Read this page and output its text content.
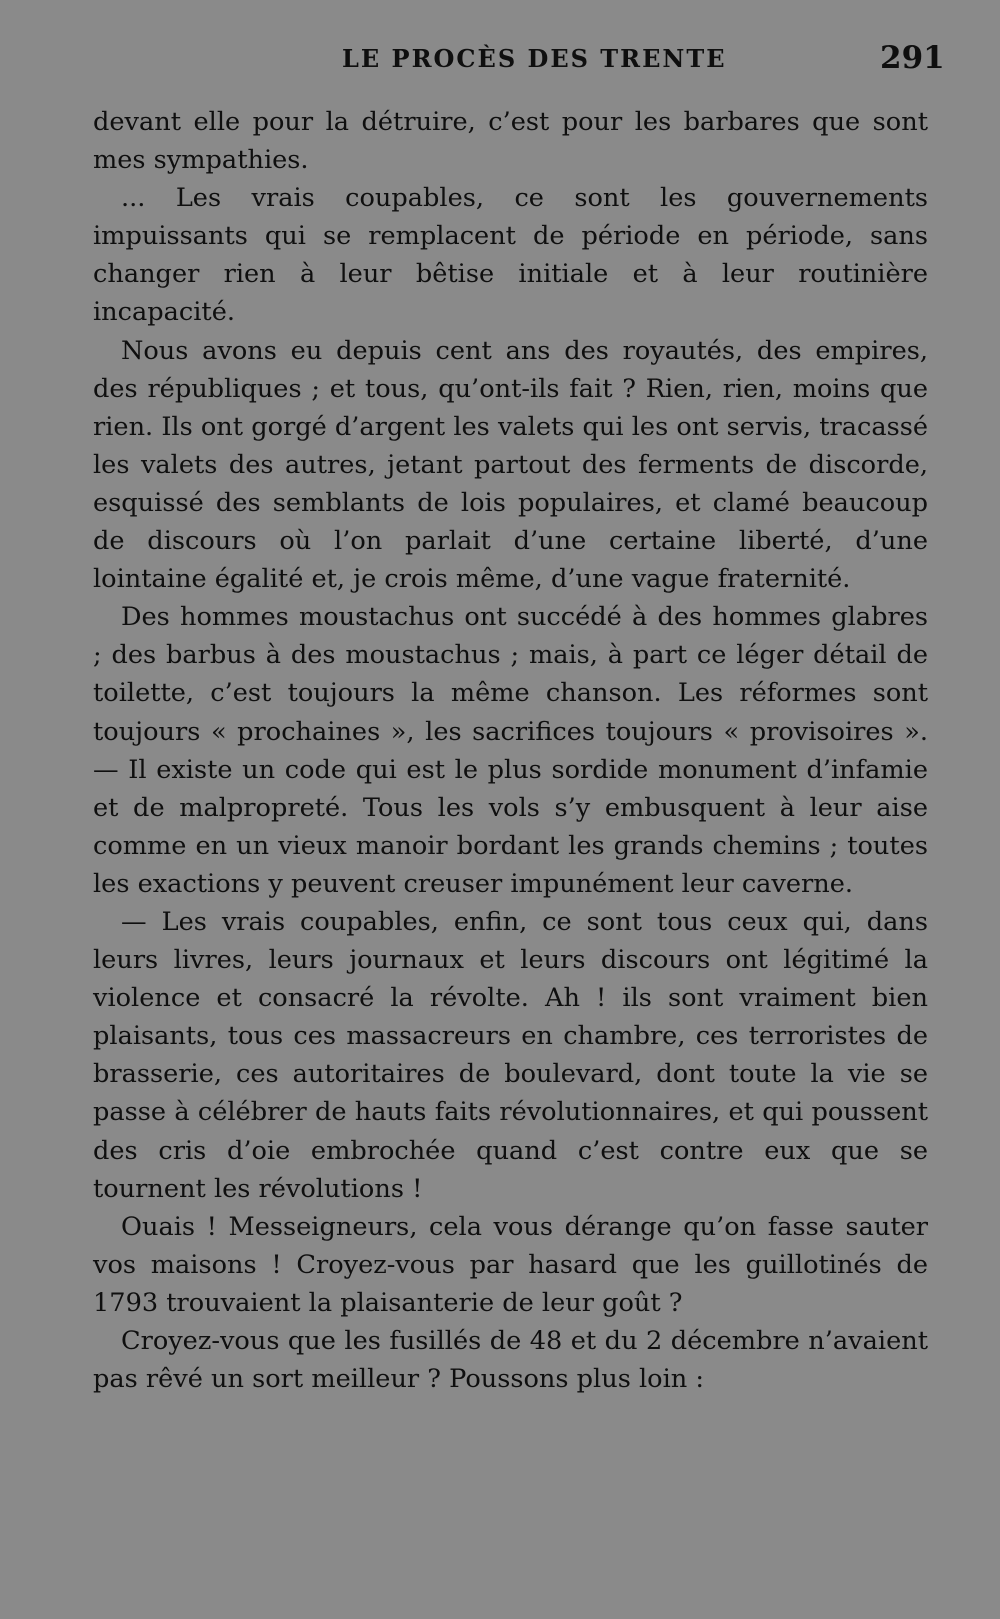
LE PROCÈS DES TRENTE	291

devant elle pour la détruire, c’est pour les barbares que sont mes sympathies.

... Les vrais coupables, ce sont les gouvernements impuissants qui se remplacent de période en période, sans changer rien à leur bêtise initiale et à leur routinière incapacité.

Nous avons eu depuis cent ans des royautés, des empires, des républiques ; et tous, qu’ont-ils fait ? Rien, rien, moins que rien. Ils ont gorgé d’argent les valets qui les ont servis, tracassé les valets des autres, jetant partout des ferments de discorde, esquissé des semblants de lois populaires, et clamé beaucoup de discours où l’on parlait d’une certaine liberté, d’une lointaine égalité et, je crois même, d’une vague fraternité.

Des hommes moustachus ont succédé à des hommes glabres ; des barbus à des moustachus ; mais, à part ce léger détail de toilette, c’est toujours la même chanson. Les réformes sont toujours « prochaines », les sacrifices toujours « provisoires ». — Il existe un code qui est le plus sordide monument d’infamie et de malpropreté. Tous les vols s’y embusquent à leur aise comme en un vieux manoir bordant les grands chemins ; toutes les exactions y peuvent creuser impunément leur caverne.

— Les vrais coupables, enfin, ce sont tous ceux qui, dans leurs livres, leurs journaux et leurs discours ont légitimé la violence et consacré la révolte. Ah ! ils sont vraiment bien plaisants, tous ces massacreurs en chambre, ces terroristes de brasserie, ces autoritaires de boulevard, dont toute la vie se passe à célébrer de hauts faits révolutionnaires, et qui poussent des cris d’oie embrochée quand c’est contre eux que se tournent les révolutions !

Ouais ! Messeigneurs, cela vous dérange qu’on fasse sauter vos maisons ! Croyez-vous par hasard que les guillotinés de 1793 trouvaient la plaisanterie de leur goût ?

Croyez-vous que les fusillés de 48 et du 2 décembre n’avaient pas rêvé un sort meilleur ? Poussons plus loin :
